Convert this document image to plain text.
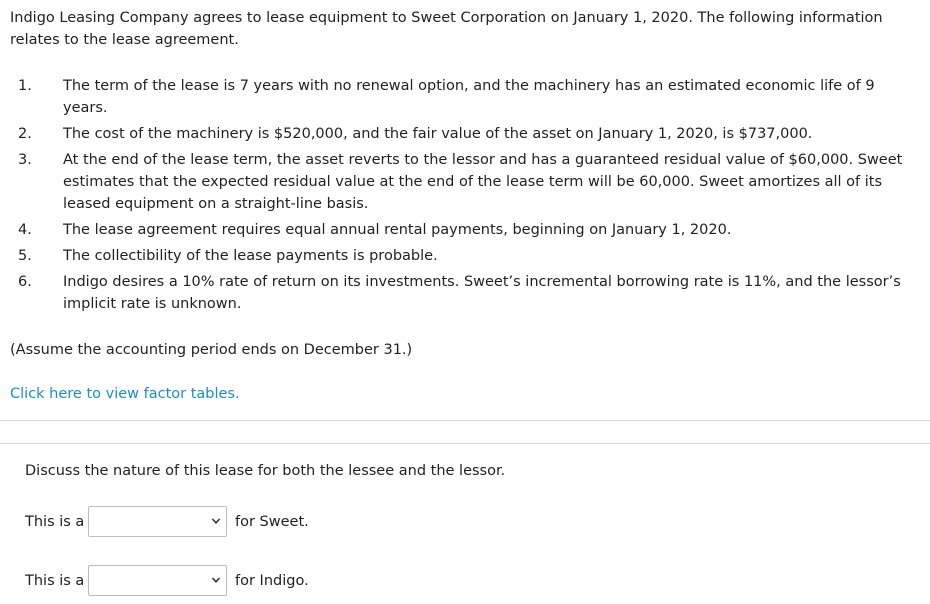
Indigo Leasing Company agrees to lease equipment to Sweet Corporation on January 1, 2020. The following information relates to the lease agreement.
1.	The term of the lease is 7 years with no renewal option, and the machinery has an estimated economic life of 9 years.
2.	The cost of the machinery is $520,000, and the fair value of the asset on January 1, 2020, is $737,000.
3.	At the end of the lease term, the asset reverts to the lessor and has a guaranteed residual value of $60,000. Sweet estimates that the expected residual value at the end of the lease term will be 60,000. Sweet amortizes all of its leased equipment on a straight-line basis.
4.	The lease agreement requires equal annual rental payments, beginning on January 1, 2020.
5.	The collectibility of the lease payments is probable.
6.	Indigo desires a 10% rate of return on its investments. Sweet’s incremental borrowing rate is 11%, and the lessor’s implicit rate is unknown.
(Assume the accounting period ends on December 31.)
Click here to view factor tables.
Discuss the nature of this lease for both the lessee and the lessor.
This is a	for Sweet.
This is a	for Indigo.
